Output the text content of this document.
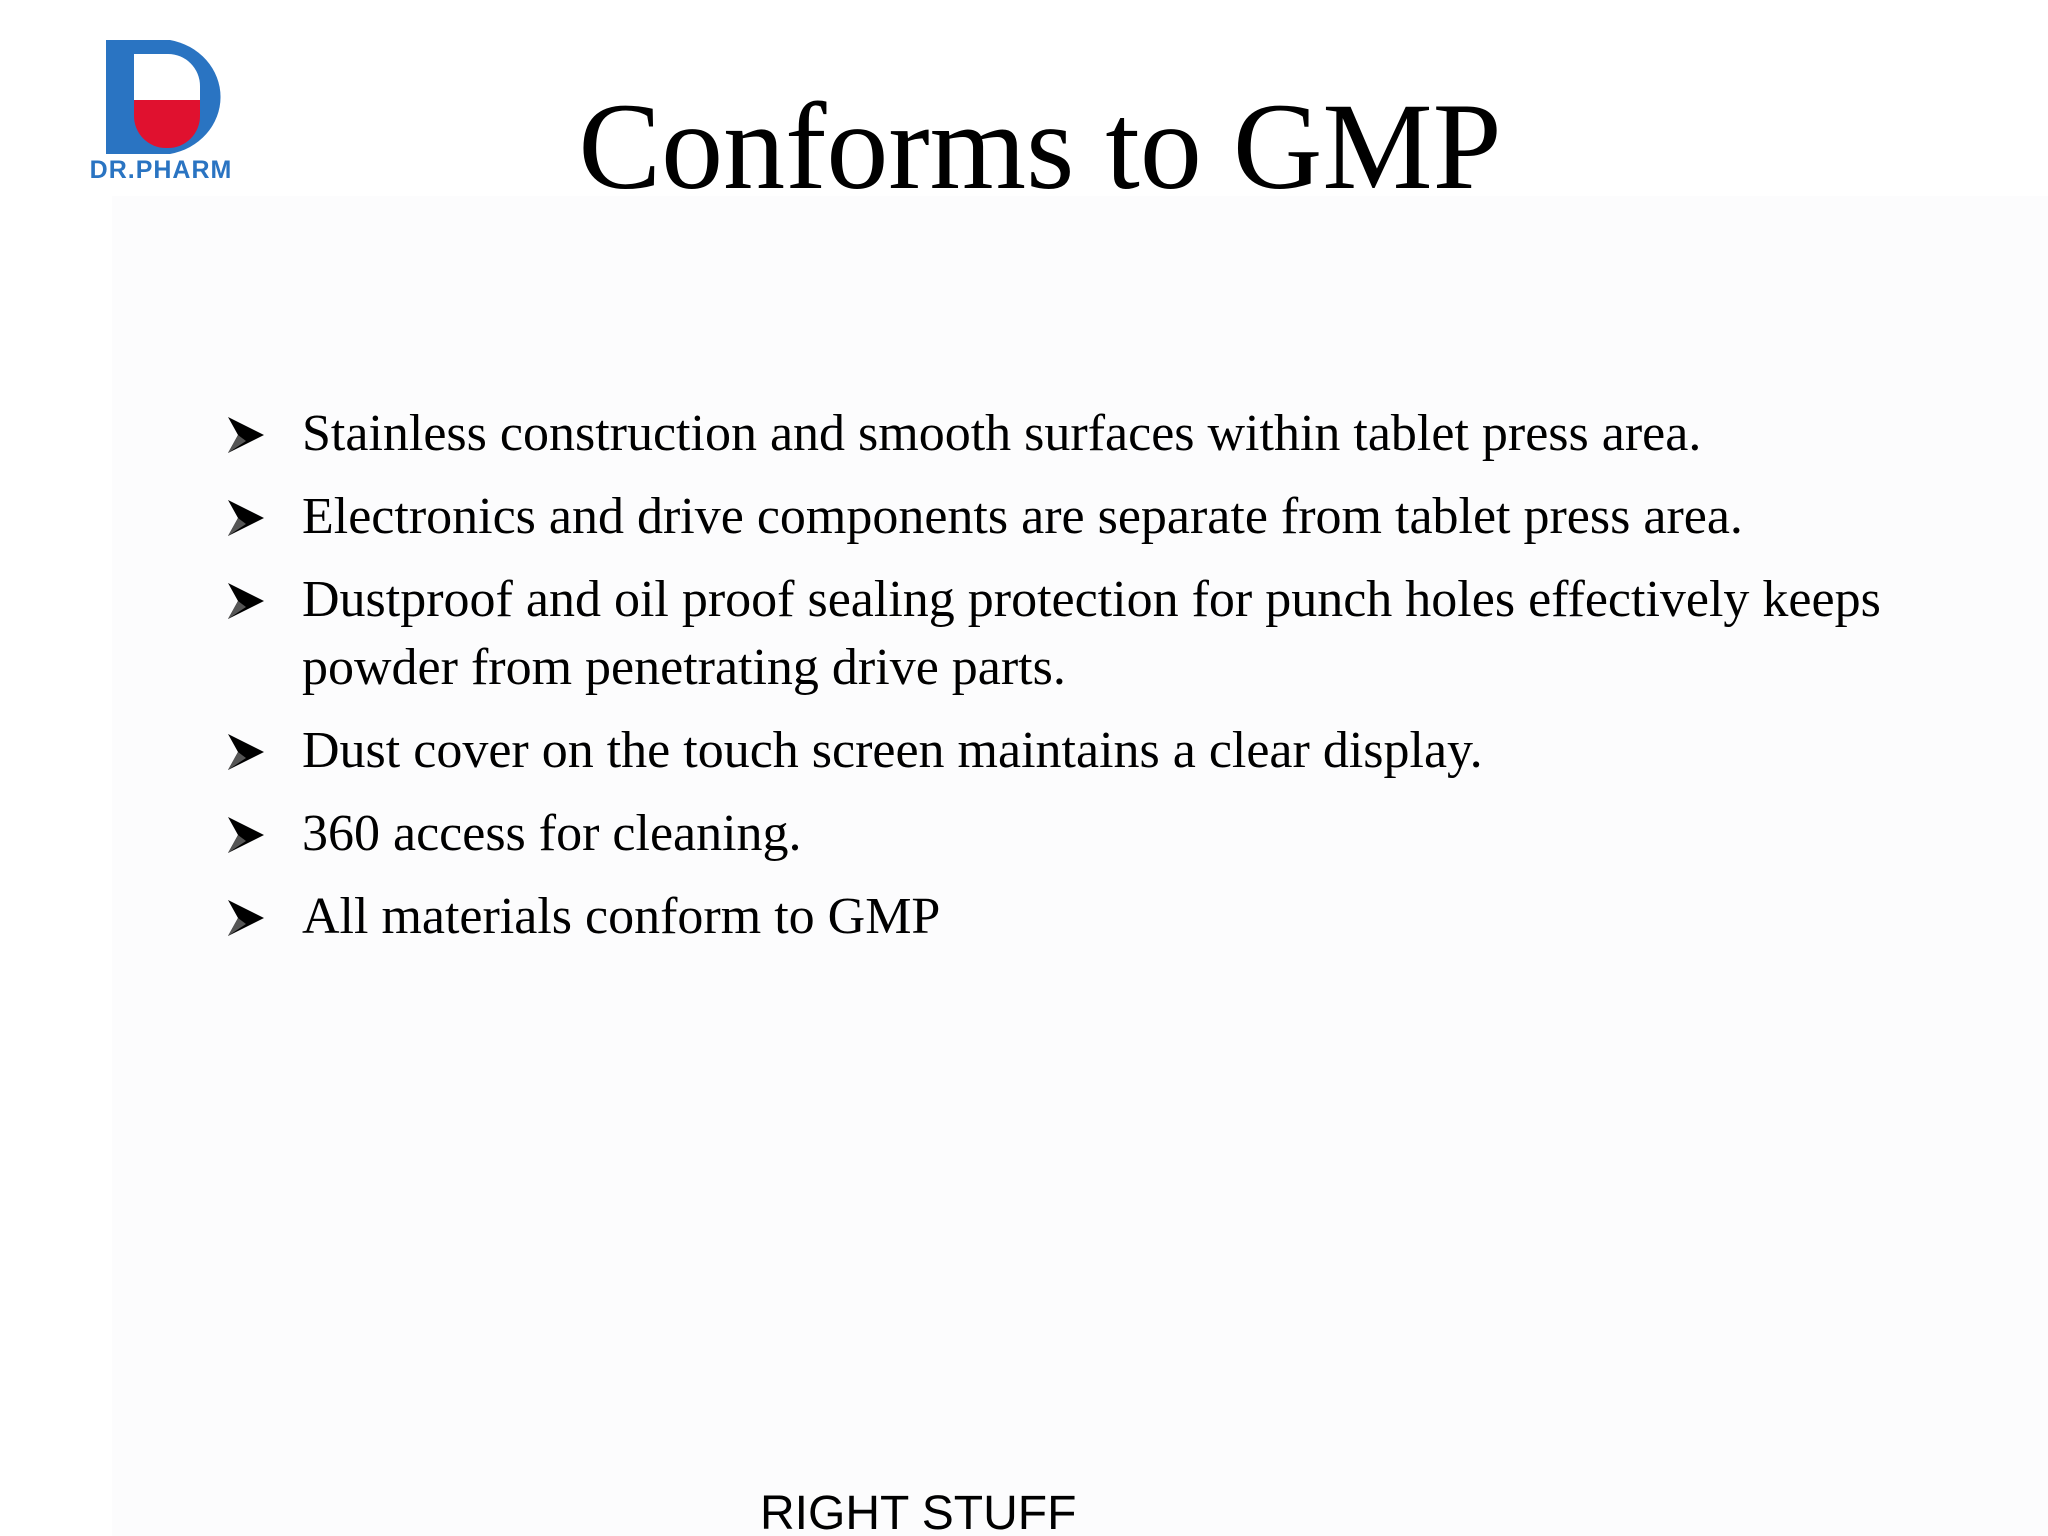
DR.PHARM	Conforms to GMP
Stainless construction and smooth surfaces within tablet press area.
Electronics and drive components are separate from tablet press area.
Dustproof and oil proof sealing protection for punch holes effectively keeps powder from penetrating drive parts.
Dust cover on the touch screen maintains a clear display.
360 access for cleaning.
All materials conform to GMP
RIGHT STUFF
